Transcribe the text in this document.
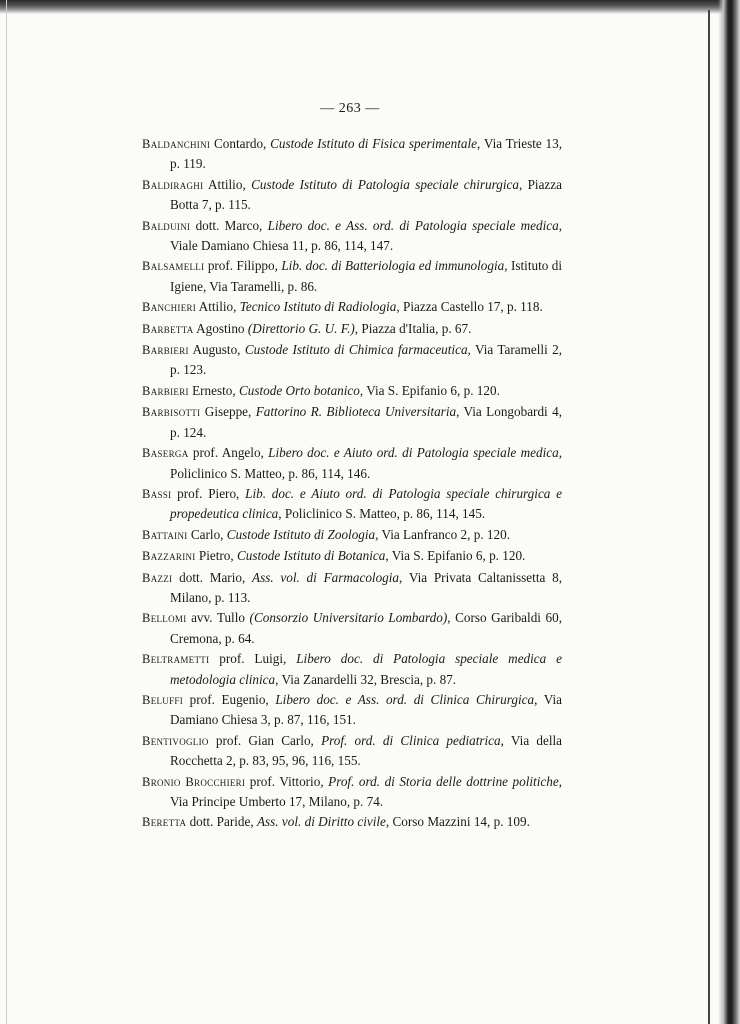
— 263 —

Baldanchini Contardo, Custode Istituto di Fisica sperimentale, Via Trieste 13, p. 119.

Baldiraghi Attilio, Custode Istituto di Patologia speciale chirurgica, Piazza Botta 7, p. 115.

Balduini dott. Marco, Libero doc. e Ass. ord. di Patologia speciale medica, Viale Damiano Chiesa 11, p. 86, 114, 147.

Balsamelli prof. Filippo, Lib. doc. di Batteriologia ed immunologia, Istituto di Igiene, Via Taramelli, p. 86.

Banchieri Attilio, Tecnico Istituto di Radiologia, Piazza Castello 17, p. 118.

Barbetta Agostino (Direttorio G. U. F.), Piazza d'Italia, p. 67.

Barbieri Augusto, Custode Istituto di Chimica farmaceutica, Via Taramelli 2, p. 123.

Barbieri Ernesto, Custode Orto botanico, Via S. Epifanio 6, p. 120.

Barbisotti Giseppe, Fattorino R. Biblioteca Universitaria, Via Longobardi 4, p. 124.

Baserga prof. Angelo, Libero doc. e Aiuto ord. di Patologia speciale medica, Policlinico S. Matteo, p. 86, 114, 146.

Bassi prof. Piero, Lib. doc. e Aiuto ord. di Patologia speciale chirurgica e propedeutica clinica, Policlinico S. Matteo, p. 86, 114, 145.

Battaini Carlo, Custode Istituto di Zoologia, Via Lanfranco 2, p. 120.

Bazzarini Pietro, Custode Istituto di Botanica, Via S. Epifanio 6, p. 120.

Bazzi dott. Mario, Ass. vol. di Farmacologia, Via Privata Caltanissetta 8, Milano, p. 113.

Bellomi avv. Tullo (Consorzio Universitario Lombardo), Corso Garibaldi 60, Cremona, p. 64.

Beltrametti prof. Luigi, Libero doc. di Patologia speciale medica e metodologia clinica, Via Zanardelli 32, Brescia, p. 87.

Beluffi prof. Eugenio, Libero doc. e Ass. ord. di Clinica Chirurgica, Via Damiano Chiesa 3, p. 87, 116, 151.

Bentivoglio prof. Gian Carlo, Prof. ord. di Clinica pediatrica, Via della Rocchetta 2, p. 83, 95, 96, 116, 155.

Bronio Brocchieri prof. Vittorio, Prof. ord. di Storia delle dottrine politiche, Via Principe Umberto 17, Milano, p. 74.

Beretta dott. Paride, Ass. vol. di Diritto civile, Corso Mazzini 14, p. 109.
